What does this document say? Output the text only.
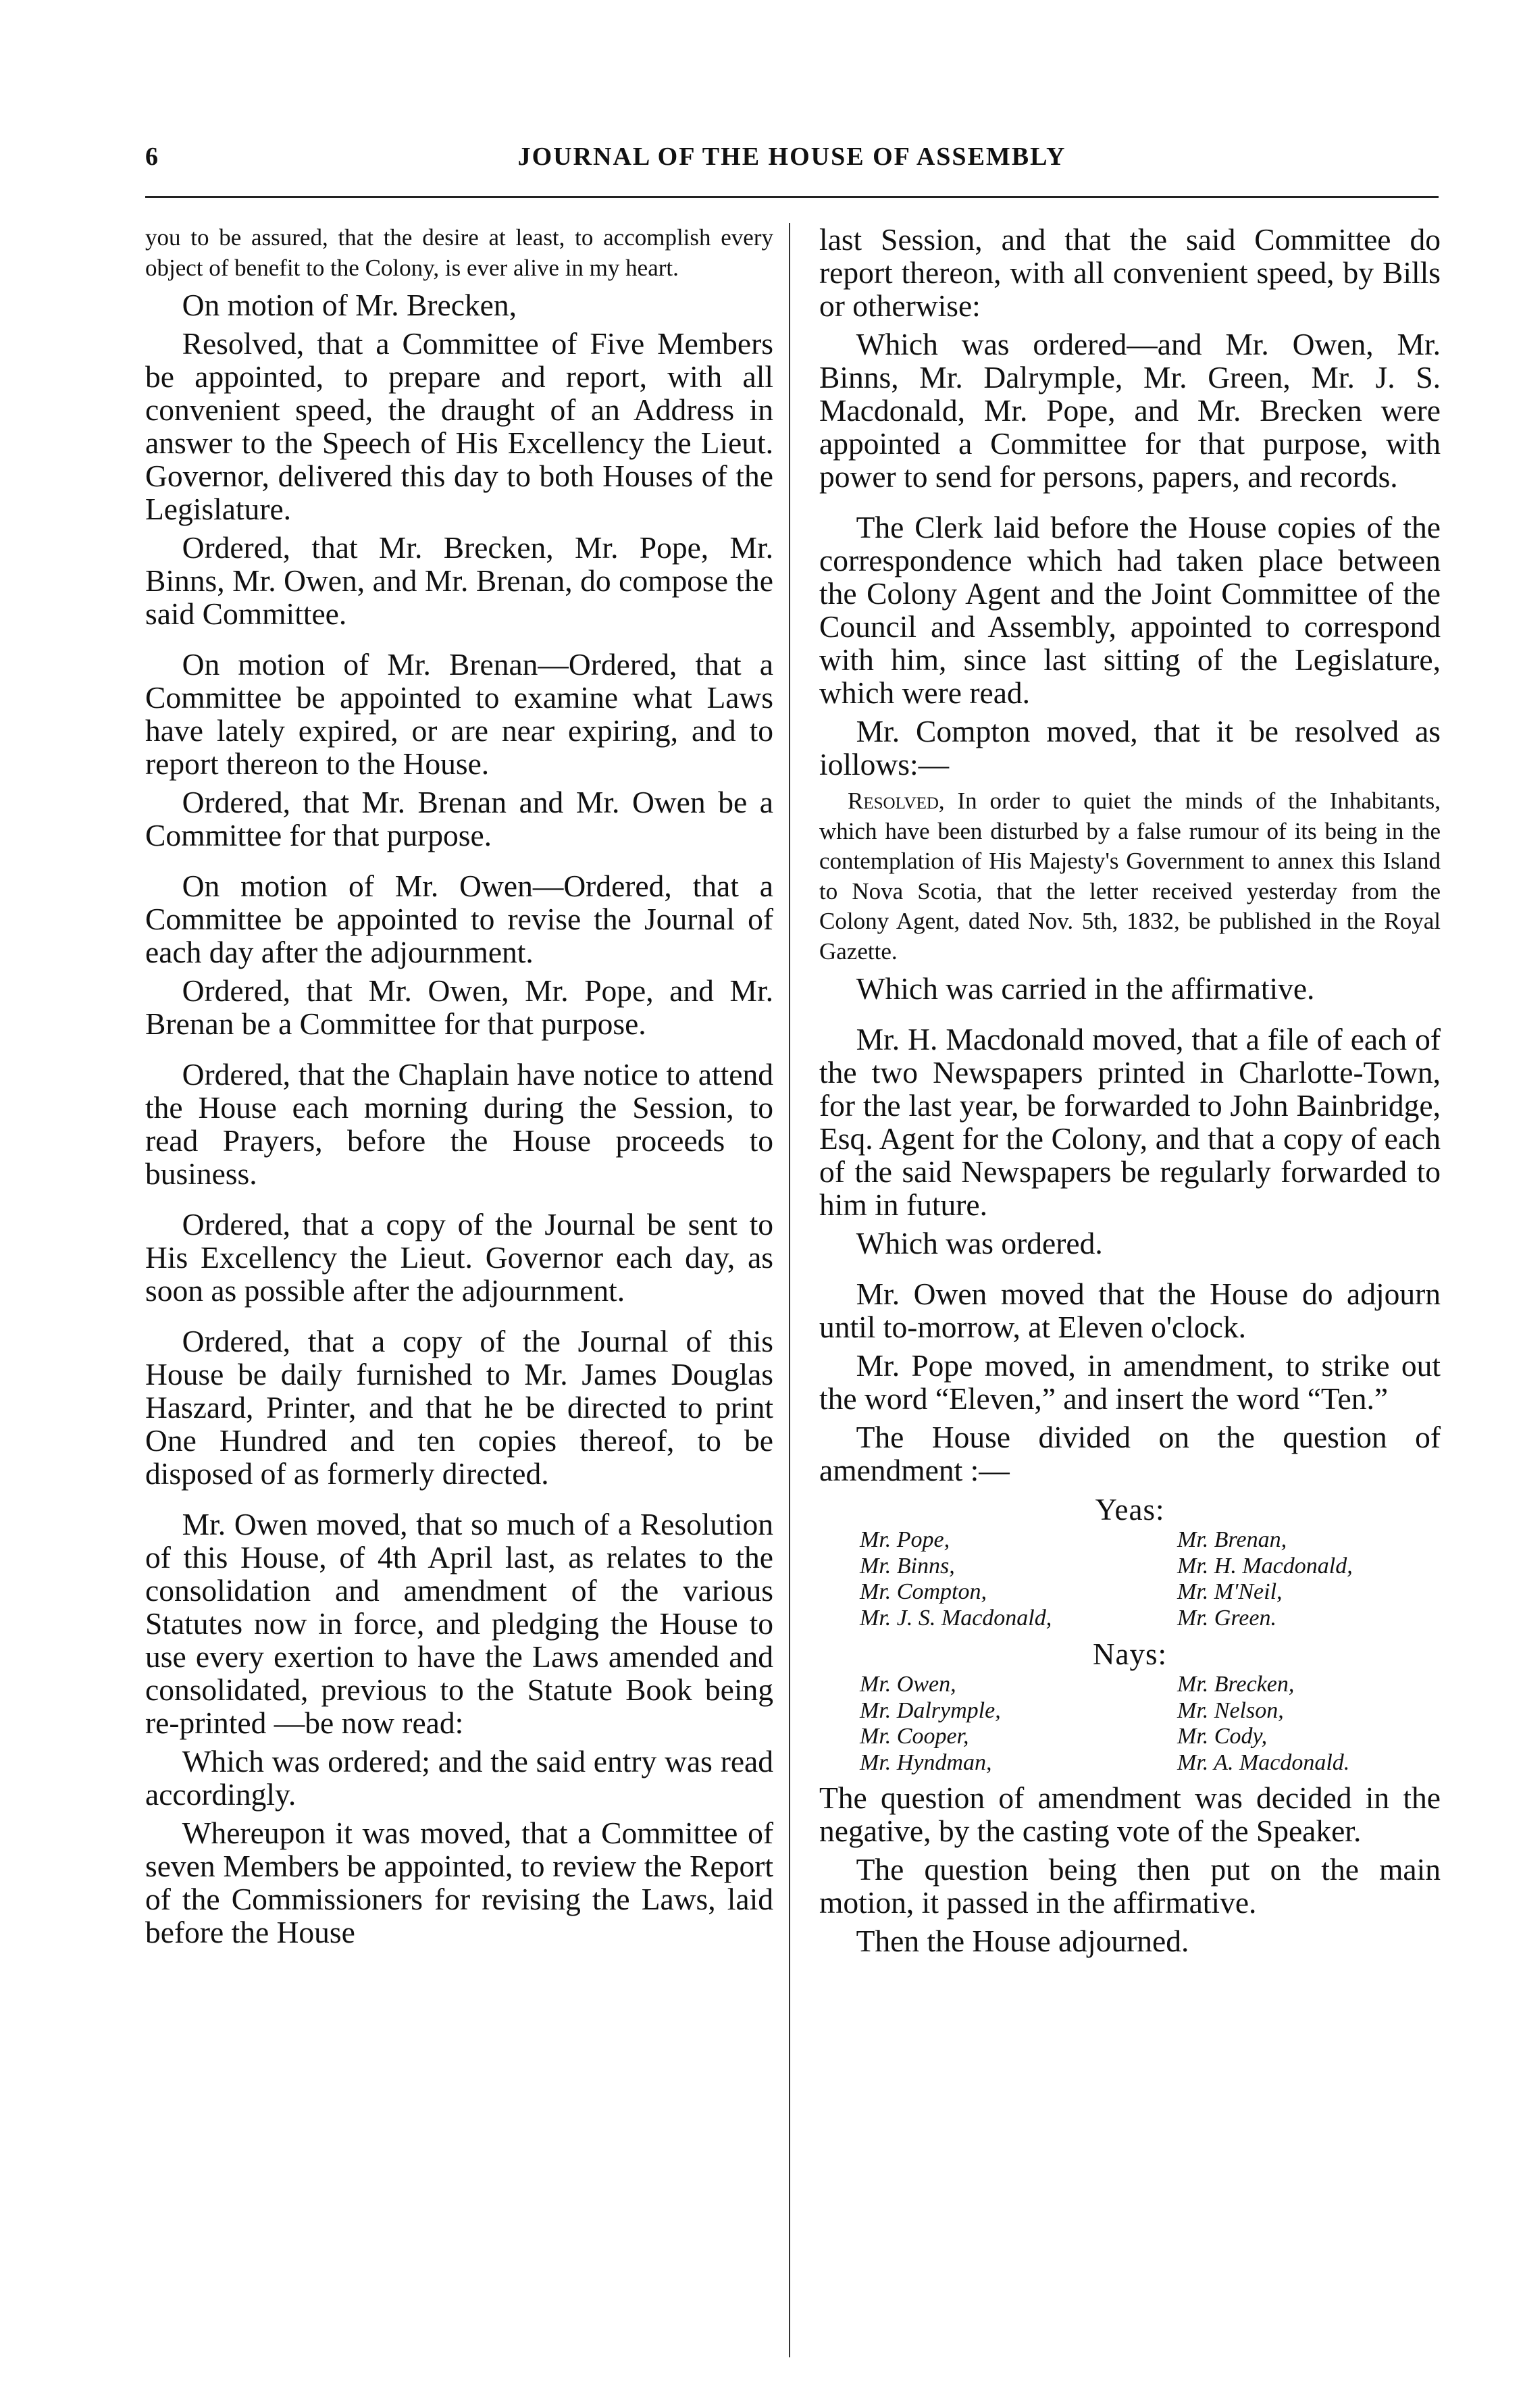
6	JOURNAL OF THE HOUSE OF ASSEMBLY

you to be assured, that the desire at least, to accomplish every object of benefit to the Colony, is ever alive in my heart.

On motion of Mr. Brecken,

Resolved, that a Committee of Five Members be appointed, to prepare and report, with all convenient speed, the draught of an Address in answer to the Speech of His Excellency the Lieut. Governor, delivered this day to both Houses of the Legislature.

Ordered, that Mr. Brecken, Mr. Pope, Mr. Binns, Mr. Owen, and Mr. Brenan, do compose the said Committee.

On motion of Mr. Brenan—Ordered, that a Committee be appointed to examine what Laws have lately expired, or are near expiring, and to report thereon to the House.

Ordered, that Mr. Brenan and Mr. Owen be a Committee for that purpose.

On motion of Mr. Owen—Ordered, that a Committee be appointed to revise the Journal of each day after the adjournment.

Ordered, that Mr. Owen, Mr. Pope, and Mr. Brenan be a Committee for that purpose.

Ordered, that the Chaplain have notice to attend the House each morning during the Session, to read Prayers, before the House proceeds to business.

Ordered, that a copy of the Journal be sent to His Excellency the Lieut. Governor each day, as soon as possible after the adjournment.

Ordered, that a copy of the Journal of this House be daily furnished to Mr. James Douglas Haszard, Printer, and that he be directed to print One Hundred and ten copies thereof, to be disposed of as formerly directed.

Mr. Owen moved, that so much of a Resolution of this House, of 4th April last, as relates to the consolidation and amendment of the various Statutes now in force, and pledging the House to use every exertion to have the Laws amended and consolidated, previous to the Statute Book being re-printed —be now read:

Which was ordered; and the said entry was read accordingly.

Whereupon it was moved, that a Committee of seven Members be appointed, to review the Report of the Commissioners for revising the Laws, laid before the House

last Session, and that the said Committee do report thereon, with all convenient speed, by Bills or otherwise:

Which was ordered—and Mr. Owen, Mr. Binns, Mr. Dalrymple, Mr. Green, Mr. J. S. Macdonald, Mr. Pope, and Mr. Brecken were appointed a Committee for that purpose, with power to send for persons, papers, and records.

The Clerk laid before the House copies of the correspondence which had taken place between the Colony Agent and the Joint Committee of the Council and Assembly, appointed to correspond with him, since last sitting of the Legislature, which were read.

Mr. Compton moved, that it be resolved as iollows:—

Resolved, In order to quiet the minds of the Inhabitants, which have been disturbed by a false rumour of its being in the contemplation of His Majesty's Government to annex this Island to Nova Scotia, that the letter received yesterday from the Colony Agent, dated Nov. 5th, 1832, be published in the Royal Gazette.

Which was carried in the affirmative.

Mr. H. Macdonald moved, that a file of each of the two Newspapers printed in Charlotte-Town, for the last year, be forwarded to John Bainbridge, Esq. Agent for the Colony, and that a copy of each of the said Newspapers be regularly forwarded to him in future.

Which was ordered.

Mr. Owen moved that the House do adjourn until to-morrow, at Eleven o'clock.

Mr. Pope moved, in amendment, to strike out the word “Eleven,” and insert the word “Ten.”

The House divided on the question of amendment :—

Yeas:
Mr. Pope,	Mr. Brenan,
Mr. Binns,	Mr. H. Macdonald,
Mr. Compton,	Mr. M'Neil,
Mr. J. S. Macdonald,	Mr. Green.
Nays:
Mr. Owen,	Mr. Brecken,
Mr. Dalrymple,	Mr. Nelson,
Mr. Cooper,	Mr. Cody,
Mr. Hyndman,	Mr. A. Macdonald.

The question of amendment was decided in the negative, by the casting vote of the Speaker.

The question being then put on the main motion, it passed in the affirmative.

Then the House adjourned.
